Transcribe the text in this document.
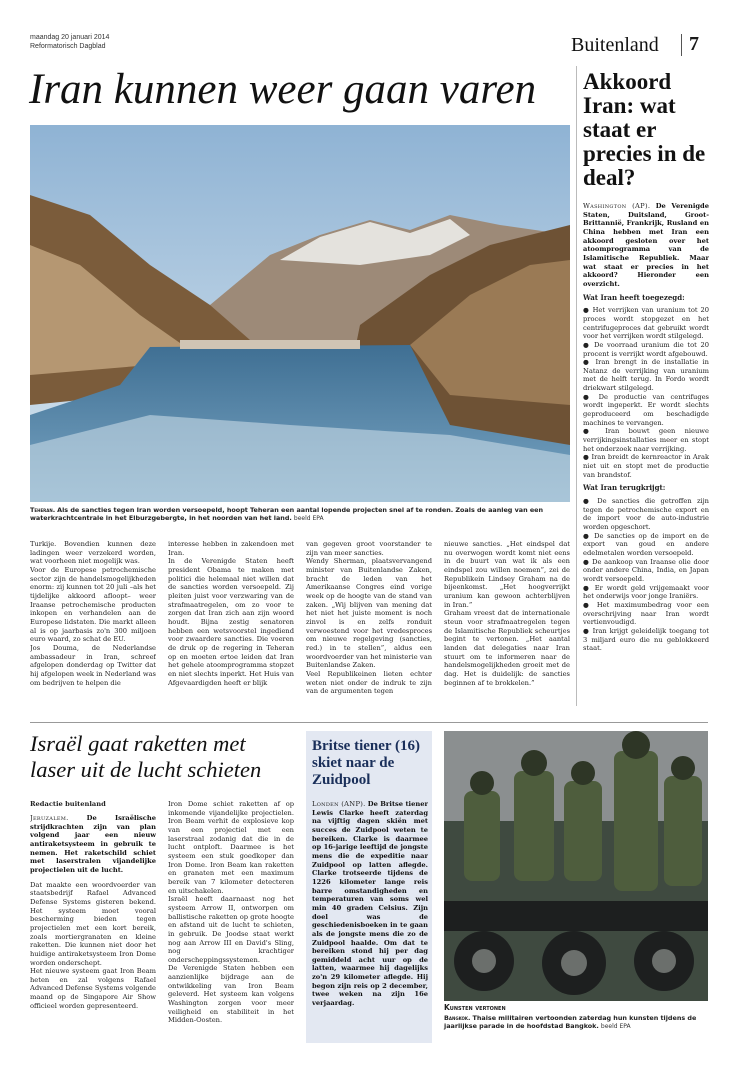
maandag 20 januari 2014
Reformatorisch Dagblad	Buitenland 7
Iran kunnen weer gaan varen
Teheran. Als de sancties tegen Iran worden versoepeld, hoopt Teheran een aantal lopende projecten snel af te ronden. Zoals de aanleg van een waterkrachtcentrale in het Elburzgebergte, in het noorden van het land. beeld EPA
Turkije. Bovendien kunnen deze ladingen weer verzekerd worden, wat voorheen niet mogelijk was.
Voor de Europese petrochemische sector zijn de handelsmogelijkheden enorm: zij kunnen tot 20 juli –als het tijdelijke akkoord afloopt– weer Iraanse petrochemische producten inkopen en verhandelen aan de Europese lidstaten. Die markt alleen al is op jaarbasis zo'n 300 miljoen euro waard, zo schat de EU.
Jos Douma, de Nederlandse ambassadeur in Iran, schreef afgelopen donderdag op Twitter dat hij afgelopen week in Nederland was om bedrijven te helpen die
interesse hebben in zakendoen met Iran.
In de Verenigde Staten heeft president Obama te maken met politici die helemaal niet willen dat de sancties worden versoepeld. Zij pleiten juist voor verzwaring van de strafmaatregelen, om zo voor te zorgen dat Iran zich aan zijn woord houdt. Bijna zestig senatoren hebben een wetsvoorstel ingediend voor zwaardere sancties. Die voeren de druk op de regering in Teheran op en moeten ertoe leiden dat Iran het gehele atoomprogramma stopzet en niet slechts inperkt. Het Huis van Afgevaardigden heeft er blijk
van gegeven groot voorstander te zijn van meer sancties.
Wendy Sherman, plaatsvervangend minister van Buitenlandse Zaken, bracht de leden van het Amerikaanse Congres eind vorige week op de hoogte van de stand van zaken. „Wij blijven van mening dat het niet het juiste moment is noch zinvol is en zelfs ronduit verwoestend voor het vredesproces om nieuwe regelgeving (sancties, red.) in te stellen”, aldus een woordvoerder van het ministerie van Buitenlandse Zaken.
Veel Republikeinen lieten echter weten niet onder de indruk te zijn van de argumenten tegen
nieuwe sancties. „Het eindspel dat nu overwogen wordt komt niet eens in de buurt van wat ik als een eindspel zou willen noemen”, zei de Republikein Lindsey Graham na de bijeenkomst. „Het hoogverrijkt uranium kan gewoon achterblijven in Iran.”
Graham vreest dat de internationale steun voor strafmaatregelen tegen de Islamitische Republiek scheurtjes begint te vertonen. „Het aantal landen dat delegaties naar Iran stuurt om te informeren naar de handelsmogelijkheden groeit met de dag. Het is duidelijk: de sancties beginnen af te brokkelen.”
Akkoord Iran: wat staat er precies in de deal?

Washington (AP). De Verenigde Staten, Duitsland, Groot-Brittannië, Frankrijk, Rusland en China hebben met Iran een akkoord gesloten over het atoomprogramma van de Islamitische Republiek. Maar wat staat er precies in het akkoord? Hieronder een overzicht.

Wat Iran heeft toegezegd:

● Het verrijken van uranium tot 20 proces wordt stopgezet en het centrifugeproces dat gebruikt wordt voor het verrijken wordt stilgelegd.

● De voorraad uranium die tot 20 procent is verrijkt wordt afgebouwd.

● Iran brengt in de installatie in Natanz de verrijking van uranium met de helft terug. In Fordo wordt driekwart stilgelegd.

● De productie van centrifuges wordt ingeperkt. Er wordt slechts geproduceerd om beschadigde machines te vervangen.

● Iran bouwt geen nieuwe verrijkingsinstallaties meer en stopt het onderzoek naar verrijking.

● Iran breidt de kernreactor in Arak niet uit en stopt met de productie van brandstof.

Wat Iran terugkrijgt:

● De sancties die getroffen zijn tegen de petrochemische export en de import voor de auto-industrie worden opgeschort.

● De sancties op de import en de export van goud en andere edelmetalen worden versoepeld.

● De aankoop van Iraanse olie door onder andere China, India, en Japan wordt versoepeld.

● Er wordt geld vrijgemaakt voor het onderwijs voor jonge Iraniërs.

● Het maximumbedrag voor een overschrijving naar Iran wordt vertienvoudigd.

● Iran krijgt geleidelijk toegang tot 3 miljard euro die nu geblokkeerd staat.

Israël gaat raketten met
laser uit de lucht schieten
Redactie buitenland

Jeruzalem.	De Israëlische strijdkrachten zijn van plan volgend jaar een nieuw antiraketsysteem in gebruik te nemen. Het raketschild schiet met laserstralen vijandelijke projectielen uit de lucht.

Dat maakte een woordvoerder van staatsbedrijf Rafael Advanced Defense Systems gisteren bekend. Het systeem moet vooral bescherming bieden tegen projectielen met een kort bereik, zoals mortiergranaten en kleine raketten. Die kunnen niet door het huidige antiraketsysteem Iron Dome worden onderschept.
Het nieuwe systeem gaat Iron Beam heten en zal volgens Rafael Advanced Defense Systems volgende maand op de Singapore Air Show officieel worden gepresenteerd.

Iron Dome schiet raketten af op inkomende vijandelijke projectielen. Iron Beam verhit de explosieve kop van een projectiel met een laserstraal zodanig dat die in de lucht ontploft. Daarmee is het systeem een stuk goedkoper dan Iron Dome. Iron Beam kan raketten en granaten met een maximum bereik van 7 kilometer detecteren en uitschakelen.
Israël heeft daarnaast nog het systeem Arrow II, ontworpen om ballistische raketten op grote hoogte en afstand uit de lucht te schieten, in gebruik. De Joodse staat werkt nog aan Arrow III en David's Sling, nog krachtiger onderscheppingssystemen.
De Verenigde Staten hebben een aanzienlijke bijdrage aan de ontwikkeling van Iron Beam geleverd. Het systeem kan volgens Washington zorgen voor meer veiligheid en stabiliteit in het Midden-Oosten.
Britse tiener (16) skiet naar de Zuidpool

Londen (ANP). De Britse tiener Lewis Clarke heeft zaterdag na vijftig dagen skiën met succes de Zuidpool weten te bereiken. Clarke is daarmee op 16-jarige leeftijd de jongste mens die de expeditie naar Zuidpool op latten aflegde. Clarke trotseerde tijdens de 1226 kilometer lange reis barre omstandigheden en temperaturen van soms wel min 40 graden Celsius. Zijn doel was de geschiedenisboeken in te gaan als de jongste mens die zo de Zuidpool haalde. Om dat te bereiken stond hij per dag gemiddeld acht uur op de latten, waarmee hij dagelijks zo'n 29 kilometer aflegde. Hij begon zijn reis op 2 december, twee weken na zijn 16e verjaardag.	Kunsten vertonen
Bangkok. Thaise militairen vertoonden zaterdag hun kunsten tijdens de jaarlijkse parade in de hoofdstad Bangkok. beeld EPA
